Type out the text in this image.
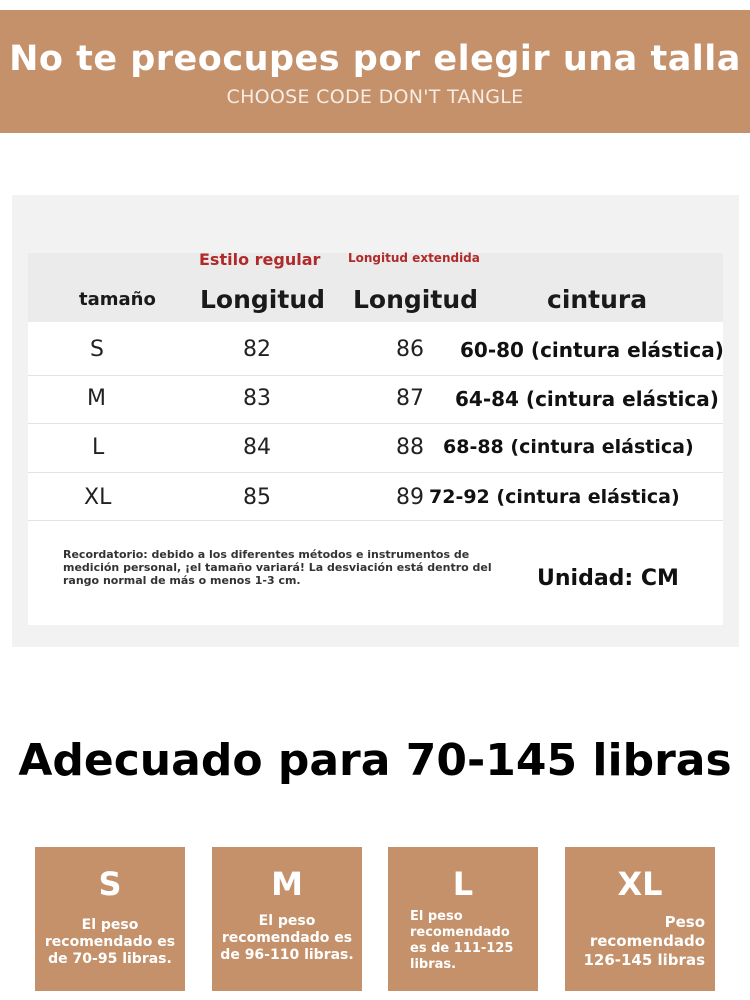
No te preocupes por elegir una talla
CHOOSE CODE DON'T TANGLE
Estilo regular Longitud extendida
tamaño Longitud Longitud	cintura
S	82	86 60-80 (cintura elástica)
M	83	87 64-84 (cintura elástica)
L	84	88 68-88 (cintura elástica)
XL	85	89 72-92 (cintura elástica)
Recordatorio: debido a los diferentes métodos e instrumentos de medición personal, ¡el tamaño variará! La desviación está dentro del rango normal de más o menos 1-3 cm.	Unidad: CM
Adecuado para 70-145 libras
S
El peso recomendado es de 70-95 libras.
M
El peso recomendado es de 96-110 libras.
L
El peso recomendado es de 111-125 libras.
XL
Peso recomendado 126-145 libras
